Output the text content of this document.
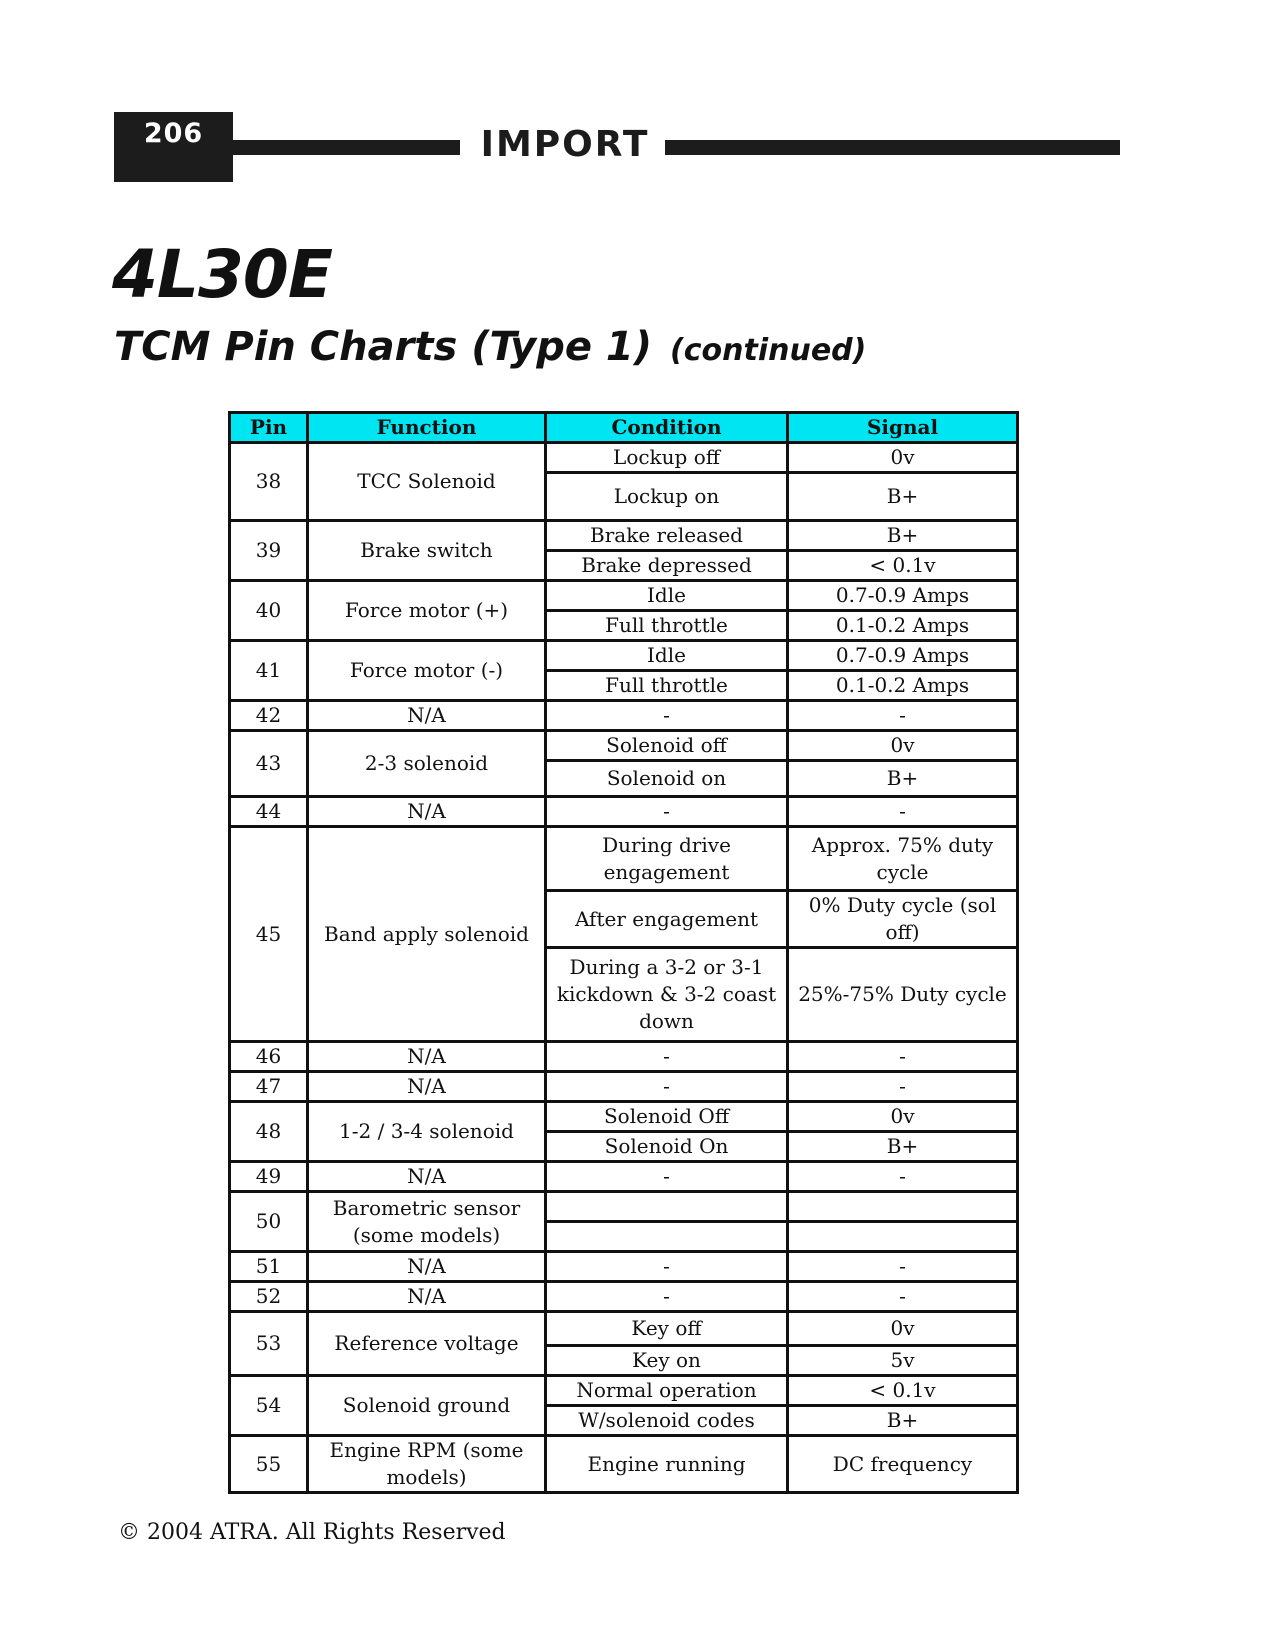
206	IMPORT
4L30E
TCM Pin Charts (Type 1) (continued)
Pin	Function	Condition	Signal
38	TCC Solenoid	Lockup off	0v
		Lockup on	B+
39	Brake switch	Brake released	B+
		Brake depressed	< 0.1v
40	Force motor (+)	Idle	0.7-0.9 Amps
		Full throttle	0.1-0.2 Amps
41	Force motor (-)	Idle	0.7-0.9 Amps
		Full throttle	0.1-0.2 Amps
42	N/A	-	-
43	2-3 solenoid	Solenoid off	0v
		Solenoid on	B+
44	N/A	-	-
45	Band apply solenoid	During drive engagement	Approx. 75% duty cycle
		After engagement	0% Duty cycle (sol off)
		During a 3-2 or 3-1 kickdown & 3-2 coast down	25%-75% Duty cycle
46	N/A	-	-
47	N/A	-	-
48	1-2 / 3-4 solenoid	Solenoid Off	0v
		Solenoid On	B+
49	N/A	-	-
50	Barometric sensor (some models)		

51	N/A	-	-
52	N/A	-	-
53	Reference voltage	Key off	0v
		Key on	5v
54	Solenoid ground	Normal operation	< 0.1v
		W/solenoid codes	B+
55	Engine RPM (some models)	Engine running	DC frequency
© 2004 ATRA. All Rights Reserved
